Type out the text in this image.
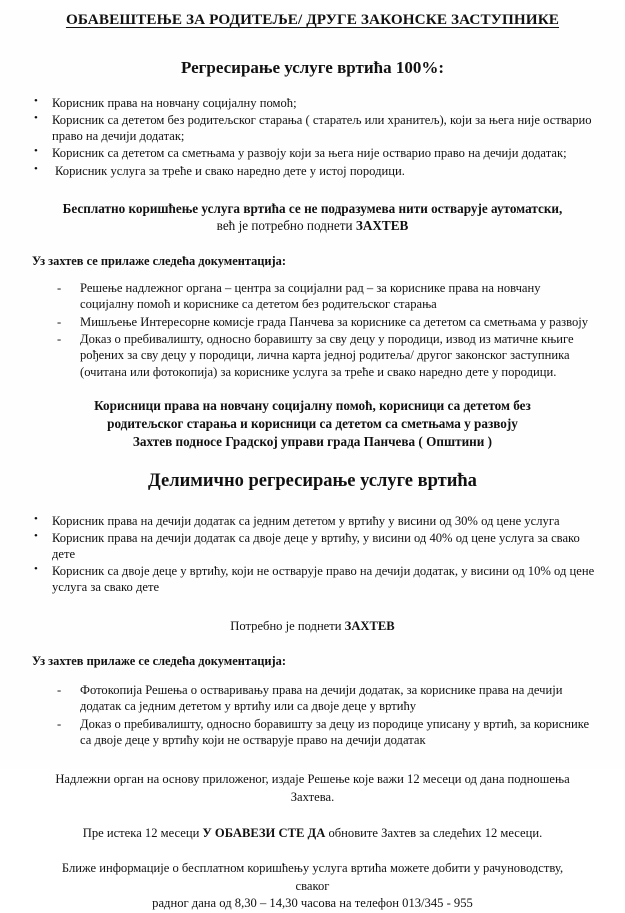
ОБАВЕШТЕЊЕ ЗА РОДИТЕЉЕ/ ДРУГЕ ЗАКОНСКЕ ЗАСТУПНИКЕ
Регресирање услуге вртића 100%:
• Корисник права на новчану социјалну помоћ;
• Корисник са дететом без родитељског старања ( старатељ или хранитељ), који за њега није остварио право на дечији додатак;
• Корисник са дететом са сметњама у развоју који за њега није остварио право на дечији додатак;
• Корисник услуга за треће и свако наредно дете у истој породици.

Бесплатно коришћење услуга вртића се не подразумева нити остварује аутоматски,

већ је потребно поднети ЗАХТЕВ

Уз захтев се прилаже следећа документација:

- Решење надлежног органа – центра за социјални рад – за кориснике права на новчану социјалну помоћ и кориснике са дететом без родитељског старања
- Мишљење Интересорне комисје града Панчева за кориснике са дететом са сметњама у развоју
- Доказ о пребивалишту, односно боравишту за сву децу у породици, извод из матичне књиге рођених за сву децу у породици, лична карта једној родитеља/ другог законског заступника (очитана или фотокопија) за кориснике услуга за треће и свако наредно дете у породици.

Корисници права на новчану социјалну помоћ, корисници са дететом без

родитељског старања и корисници са дететом са сметњама у развоју

Захтев подносе Градској управи града Панчева ( Општини )

Делимично регресирање услуге вртића
• Корисник права на дечији додатак са једним дететом у вртићу у висини од 30% од цене услуга
• Корисник права на дечији додатак са двоје деце у вртићу, у висини од 40% од цене услуга за свако дете
• Корисник са двоје деце у вртићу, који не остварује право на дечији додатак, у висини од 10% од цене услуга за свако дете

Потребно је поднети ЗАХТЕВ

Уз захтев прилаже се следећа документација:

- Фотокопија Решења о остваривању права на дечији додатак, за кориснике права на дечији додатак са једним дететом у вртићу или са двоје деце у вртићу
- Доказ о пребивалишту, односно боравишту за децу из породице уписану у вртић, за кориснике са двоје деце у вртићу који не остварује право на дечији додатак

Надлежни орган на основу приложеног, издаје Решење које важи 12 месеци од дана подношења Захтева.

Пре истека 12 месеци У ОБАВЕЗИ СТЕ ДА обновите Захтев за следећих 12 месеци.

Ближе информације о бесплатном коришћењу услуга вртића можете добити у рачуноводству, сваког

радног дана од 8,30 – 14,30 часова на телефон 013/345 - 955
